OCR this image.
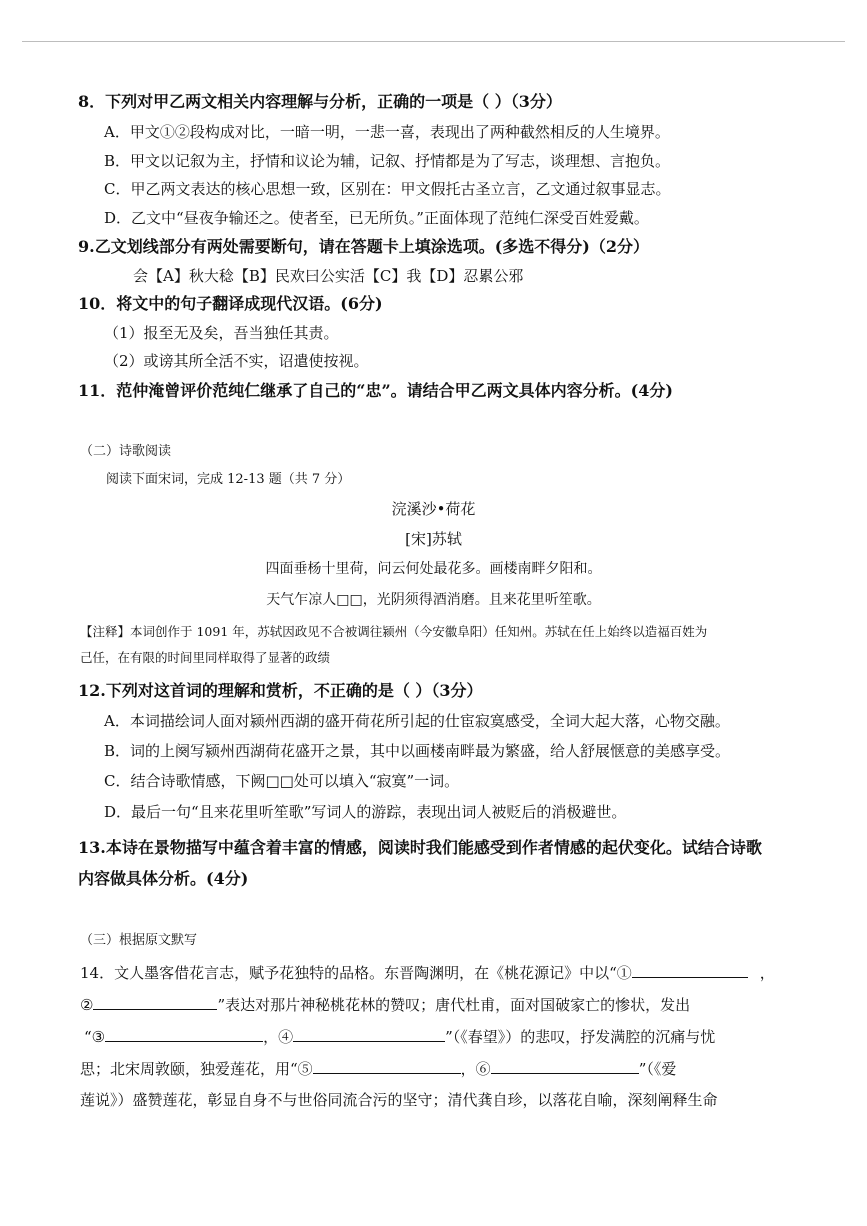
8．下列对甲乙两文相关内容理解与分析，正确的一项是（ ）（3分）
A．甲文①②段构成对比，一暗一明，一悲一喜，表现出了两种截然相反的人生境界。
B．甲文以记叙为主，抒情和议论为辅，记叙、抒情都是为了写志，谈理想、言抱负。
C．甲乙两文表达的核心思想一致，区别在：甲文假托古圣立言，乙文通过叙事显志。
D．乙文中“昼夜争输还之。使者至，已无所负。”正面体现了范纯仁深受百姓爱戴。
9.乙文划线部分有两处需要断句，请在答题卡上填涂选项。(多选不得分)（2分）
会【A】秋大稔【B】民欢曰公实活【C】我【D】忍累公邪
10．将文中的句子翻译成现代汉语。(6分)
（1）报至无及矣，吾当独任其责。
（2）或谤其所全活不实，诏遣使按视。
11．范仲淹曾评价范纯仁继承了自己的“忠”。请结合甲乙两文具体内容分析。(4分)
（二）诗歌阅读
阅读下面宋词，完成 12-13 题（共 7 分）
浣溪沙•荷花
[宋]苏轼
四面垂杨十里荷，问云何处最花多。画楼南畔夕阳和。
天气乍凉人□□，光阴须得酒消磨。且来花里听笙歌。
【注释】本词创作于 1091 年，苏轼因政见不合被调往颍州（今安徽阜阳）任知州。苏轼在任上始终以造福百姓为
己任，在有限的时间里同样取得了显著的政绩
12.下列对这首词的理解和赏析，不正确的是（ ）（3分）
A．本词描绘词人面对颍州西湖的盛开荷花所引起的仕宦寂寞感受，全词大起大落，心物交融。
B．词的上阕写颍州西湖荷花盛开之景，其中以画楼南畔最为繁盛，给人舒展惬意的美感享受。
C．结合诗歌情感，下阙□□处可以填入“寂寞”一词。
D．最后一句“且来花里听笙歌”写词人的游踪，表现出词人被贬后的消极避世。
13.本诗在景物描写中蕴含着丰富的情感，阅读时我们能感受到作者情感的起伏变化。试结合诗歌
内容做具体分析。(4分)
（三）根据原文默写
14．文人墨客借花言志，赋予花独特的品格。东晋陶渊明，在《桃花源记》中以“①	，
②	”表达对那片神秘桃花林的赞叹；唐代杜甫，面对国破家亡的惨状，发出
“③	，④	”（《春望》）的悲叹，抒发满腔的沉痛与忧
思；北宋周敦颐，独爱莲花，用“⑤	，⑥	”（《爱
莲说》）盛赞莲花，彰显自身不与世俗同流合污的坚守；清代龚自珍，以落花自喻，深刻阐释生命
